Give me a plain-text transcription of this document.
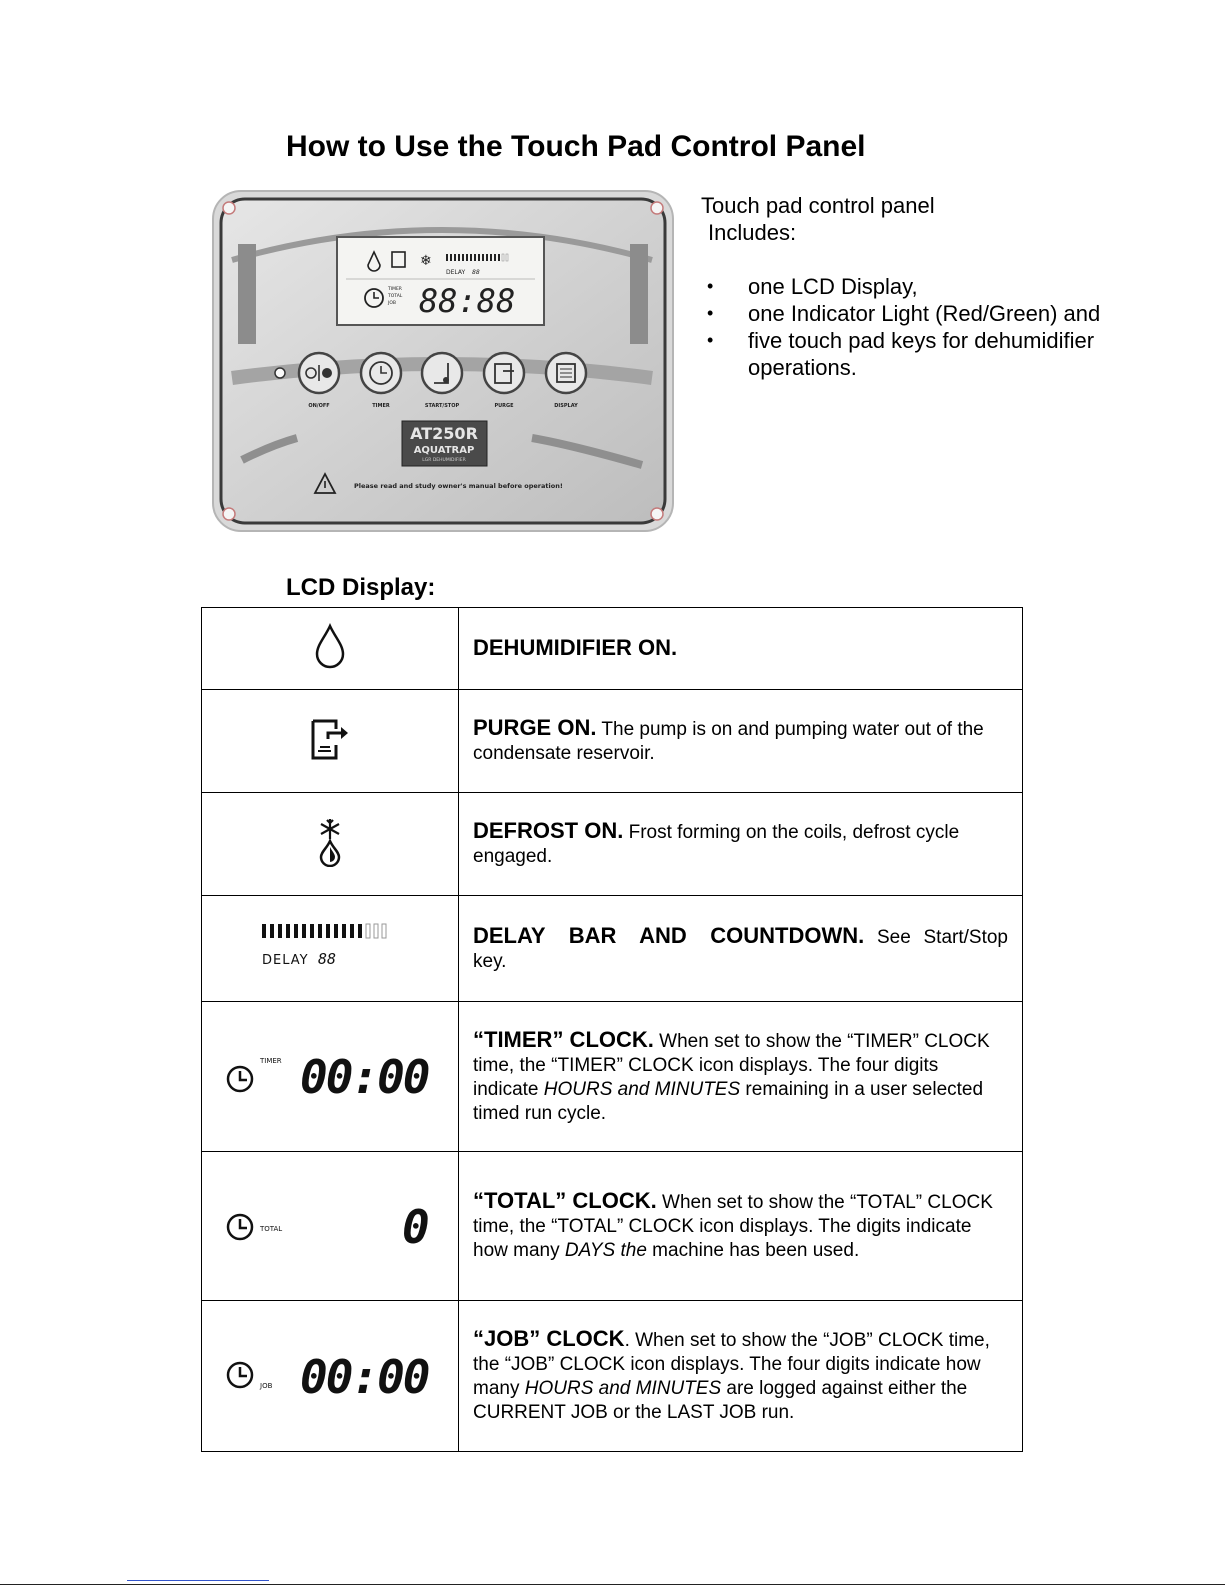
How to Use the Touch Pad Control Panel
❄
DELAY 88
TIMER
TOTAL
JOB 88:88
ON/OFF	TIMER	START/STOP	PURGE	DISPLAY
AT250R
AQUATRAP
LGR DEHUMIDIFIER
Please read and study owner's manual before operation!
Touch pad control panel
Includes:
• one LCD Display,
• one Indicator Light (Red/Green) and
• five touch pad keys for dehumidifier operations.
LCD Display:
	DEHUMIDIFIER ON.
	PURGE ON. The pump is on and pumping water out of the condensate reservoir.
	DEFROST ON. Frost forming on the coils, defrost cycle engaged.

DELAY 88	DELAY BAR AND COUNTDOWN. See Start/Stop key.

TIMER 00:00	“TIMER” CLOCK. When set to show the “TIMER” CLOCK time, the “TIMER” CLOCK icon displays. The four digits indicate HOURS and MINUTES remaining in a user selected timed run cycle.

TOTAL 0	“TOTAL” CLOCK. When set to show the “TOTAL” CLOCK time, the “TOTAL” CLOCK icon displays. The digits indicate how many DAYS the machine has been used.

JOB 00:00	“JOB” CLOCK. When set to show the “JOB” CLOCK time, the “JOB” CLOCK icon displays. The four digits indicate how many HOURS and MINUTES are logged against either the CURRENT JOB or the LAST JOB run.
